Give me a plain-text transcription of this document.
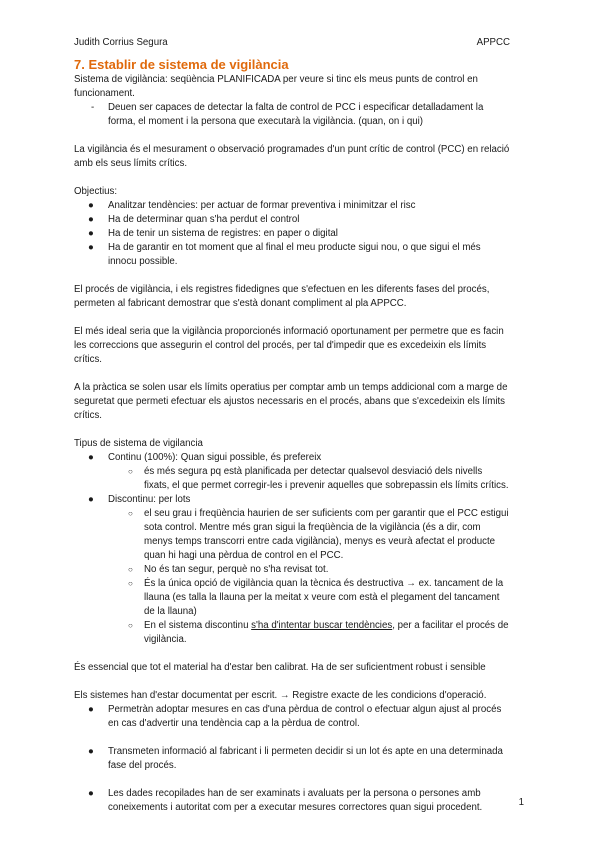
Judith Corrius Segura	APPCC

7. Establir de sistema de vigilància

Sistema de vigilància: seqüència PLANIFICADA per veure si tinc els meus punts de control en funcionament.

- Deuen ser capaces de detectar la falta de control de PCC i especificar detalladament la forma, el moment i la persona que executarà la vigilància. (quan, on i qui)

La vigilància és el mesurament o observació programades d'un punt crític de control (PCC) en relació amb els seus límits crítics.

Objectius:

● Analitzar tendències: per actuar de formar preventiva i minimitzar el risc
● Ha de determinar quan s'ha perdut el control
● Ha de tenir un sistema de registres: en paper o digital
● Ha de garantir en tot moment que al final el meu producte sigui nou, o que sigui el més innocu possible.

El procés de vigilància, i els registres fidedignes que s'efectuen en les diferents fases del procés, permeten al fabricant demostrar que s'està donant compliment al pla APPCC.

El més ideal seria que la vigilància proporcionés informació oportunament per permetre que es facin les correccions que assegurin el control del procés, per tal d'impedir que es excedeixin els límits crítics.

A la pràctica se solen usar els límits operatius per comptar amb un temps addicional com a marge de seguretat que permeti efectuar els ajustos necessaris en el procés, abans que s'excedeixin els límits crítics.

Tipus de sistema de vigilancia

● Continu (100%): Quan sigui possible, és prefereix
○ és més segura pq està planificada per detectar qualsevol desviació dels nivells fixats, el que permet corregir-les i prevenir aquelles que sobrepassin els límits crítics.
● Discontinu: per lots
○ el seu grau i freqüència haurien de ser suficients com per garantir que el PCC estigui sota control. Mentre més gran sigui la freqüència de la vigilància (és a dir, com menys temps transcorri entre cada vigilància), menys es veurà afectat el producte quan hi hagi una pèrdua de control en el PCC.
○ No és tan segur, perquè no s'ha revisat tot.
○ És la única opció de vigilància quan la tècnica és destructiva → ex. tancament de la llauna (es talla la llauna per la meitat x veure com està el plegament del tancament de la llauna)
○ En el sistema discontinu s'ha d'intentar buscar tendències, per a facilitar el procés de vigilància.

És essencial que tot el material ha d'estar ben calibrat. Ha de ser suficientment robust i sensible

Els sistemes han d'estar documentat per escrit. → Registre exacte de les condicions d'operació.

● Permetràn adoptar mesures en cas d'una pèrdua de control o efectuar algun ajust al procés en cas d'advertir una tendència cap a la pèrdua de control.
● Transmeten informació al fabricant i li permeten decidir si un lot és apte en una determinada fase del procés.
● Les dades recopilades han de ser examinats i avaluats per la persona o persones amb coneixements i autoritat com per a executar mesures correctores quan sigui procedent.	1
